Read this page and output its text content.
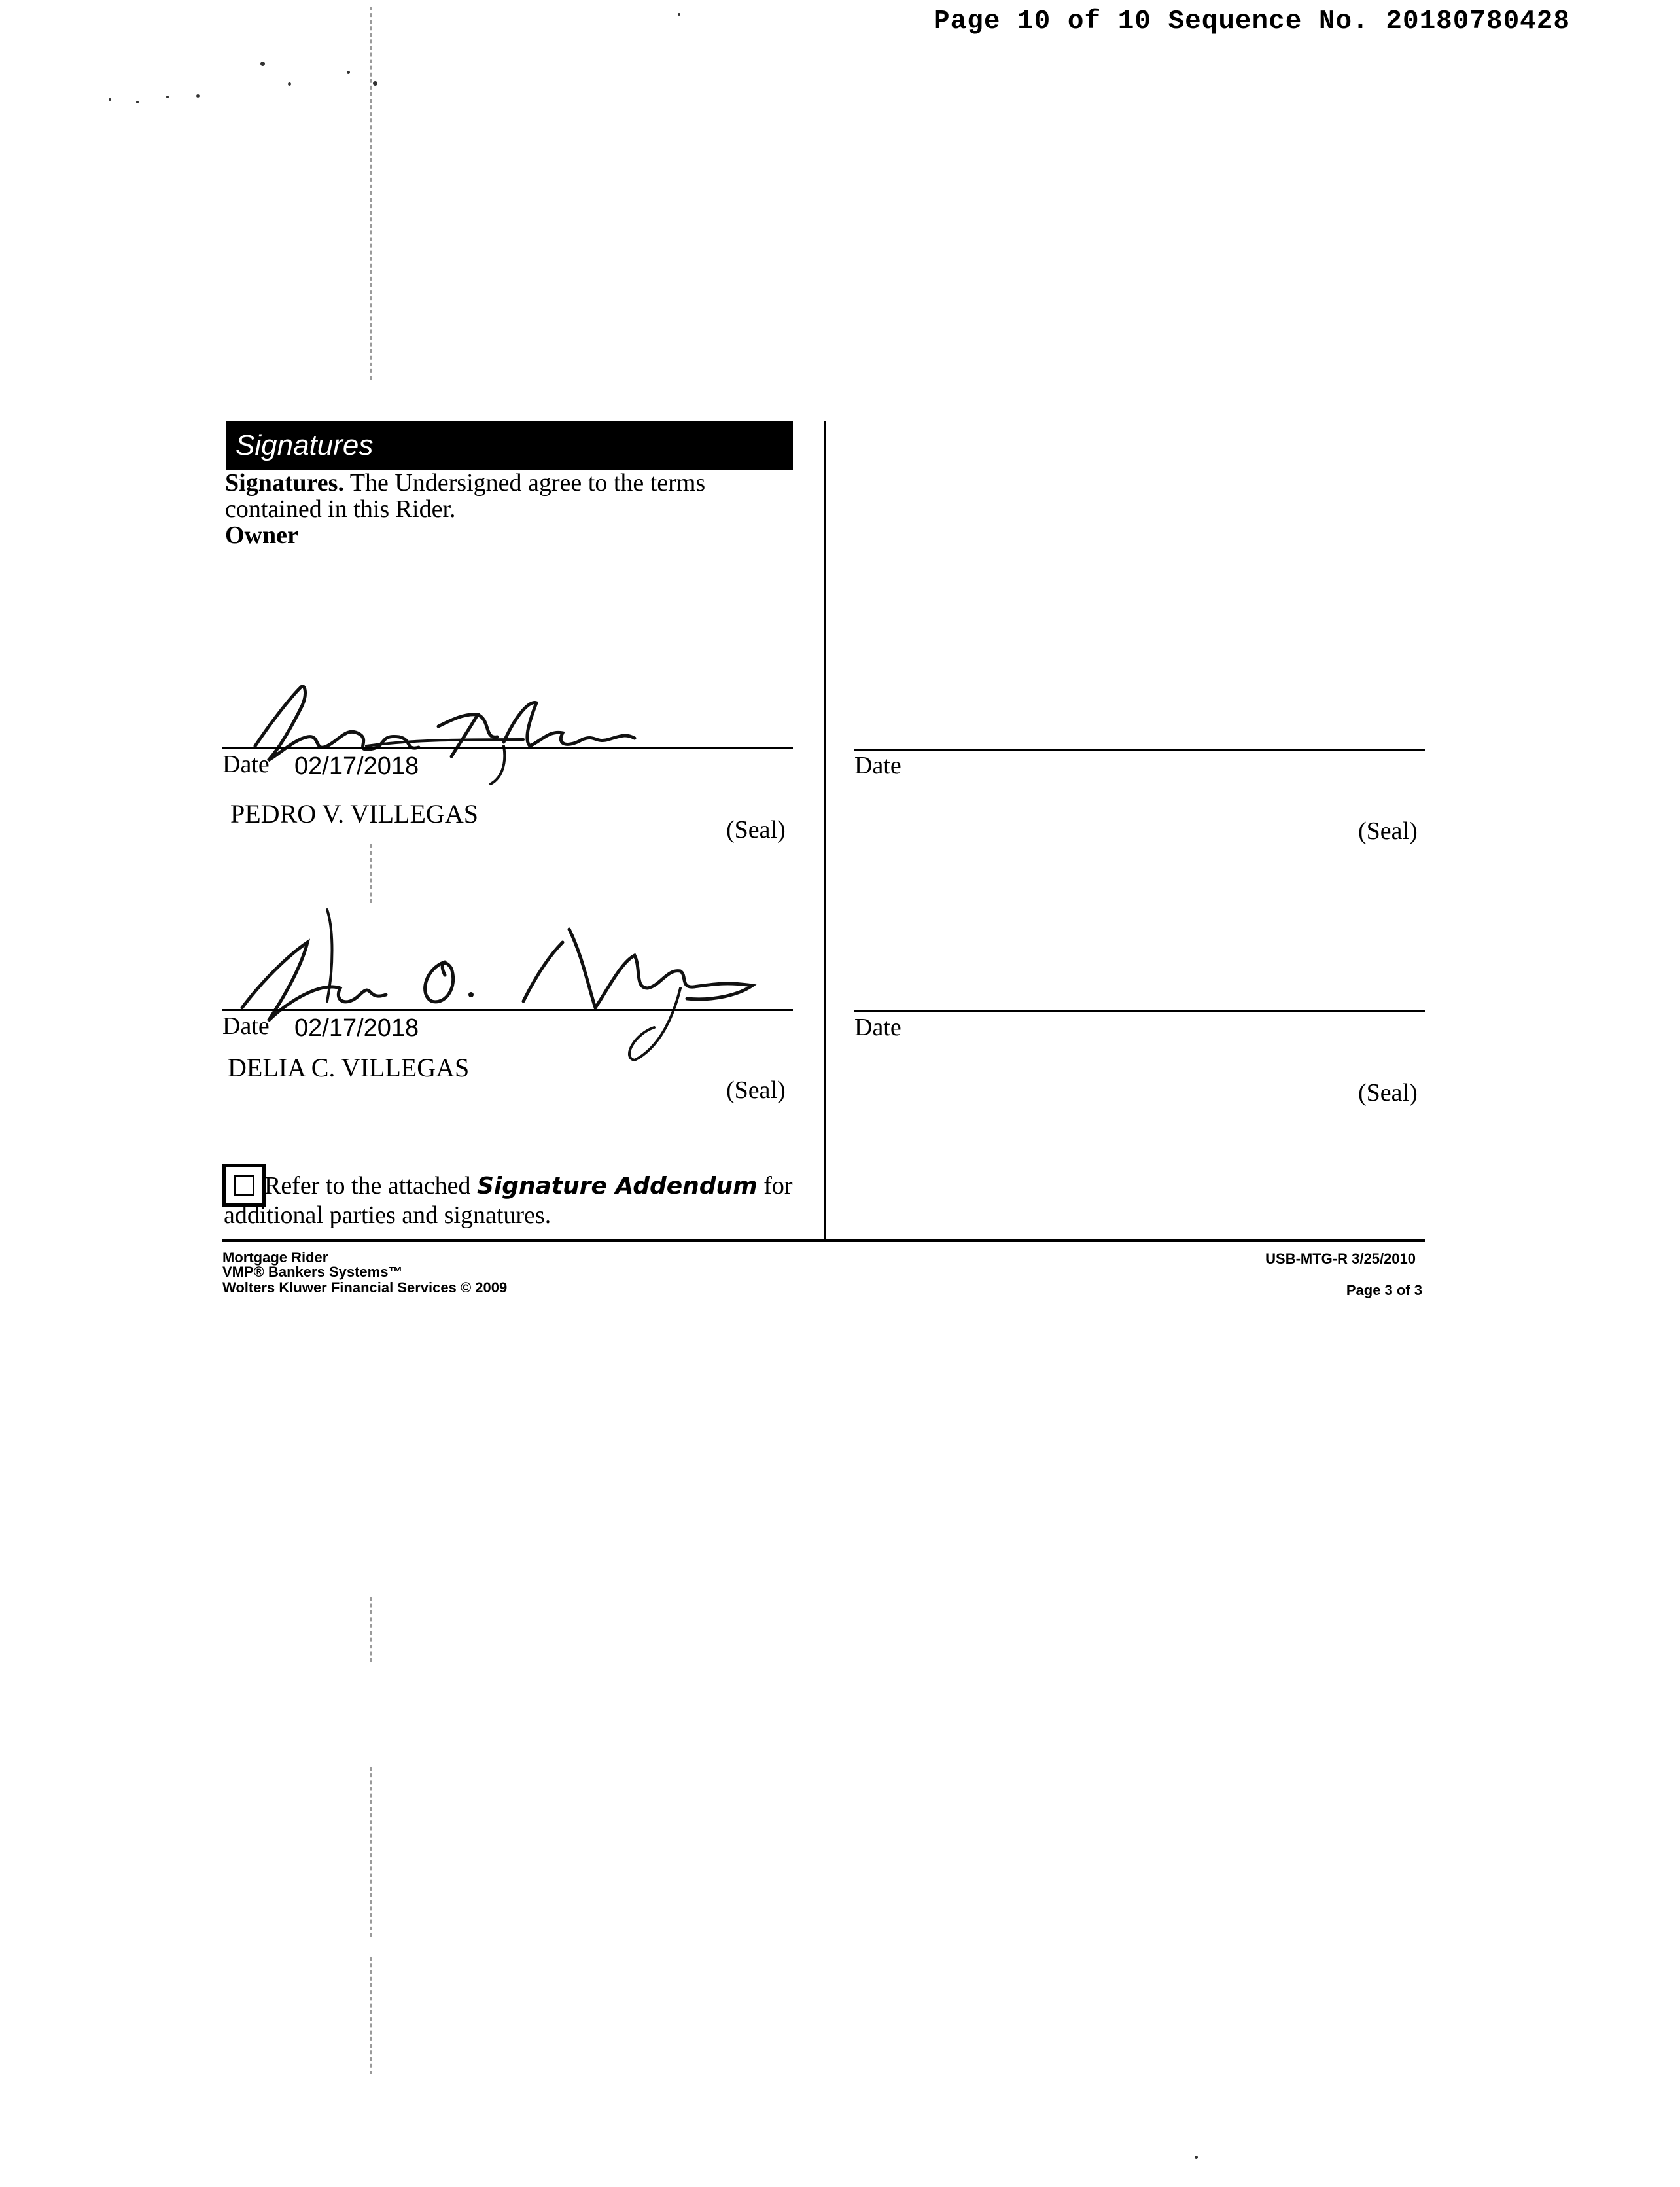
Page 10 of 10 Sequence No. 20180780428
Signatures
Signatures. The Undersigned agree to the terms contained in this Rider.
Owner
Date 02/17/2018
PEDRO V. VILLEGAS
(Seal)
Date 02/17/2018
DELIA C. VILLEGAS
(Seal)
Date
(Seal)
Date
(Seal)
Refer to the attached Signature Addendum for additional parties and signatures.
Mortgage Rider
VMP® Bankers Systems™
Wolters Kluwer Financial Services © 2009
USB-MTG-R 3/25/2010
Page 3 of 3
